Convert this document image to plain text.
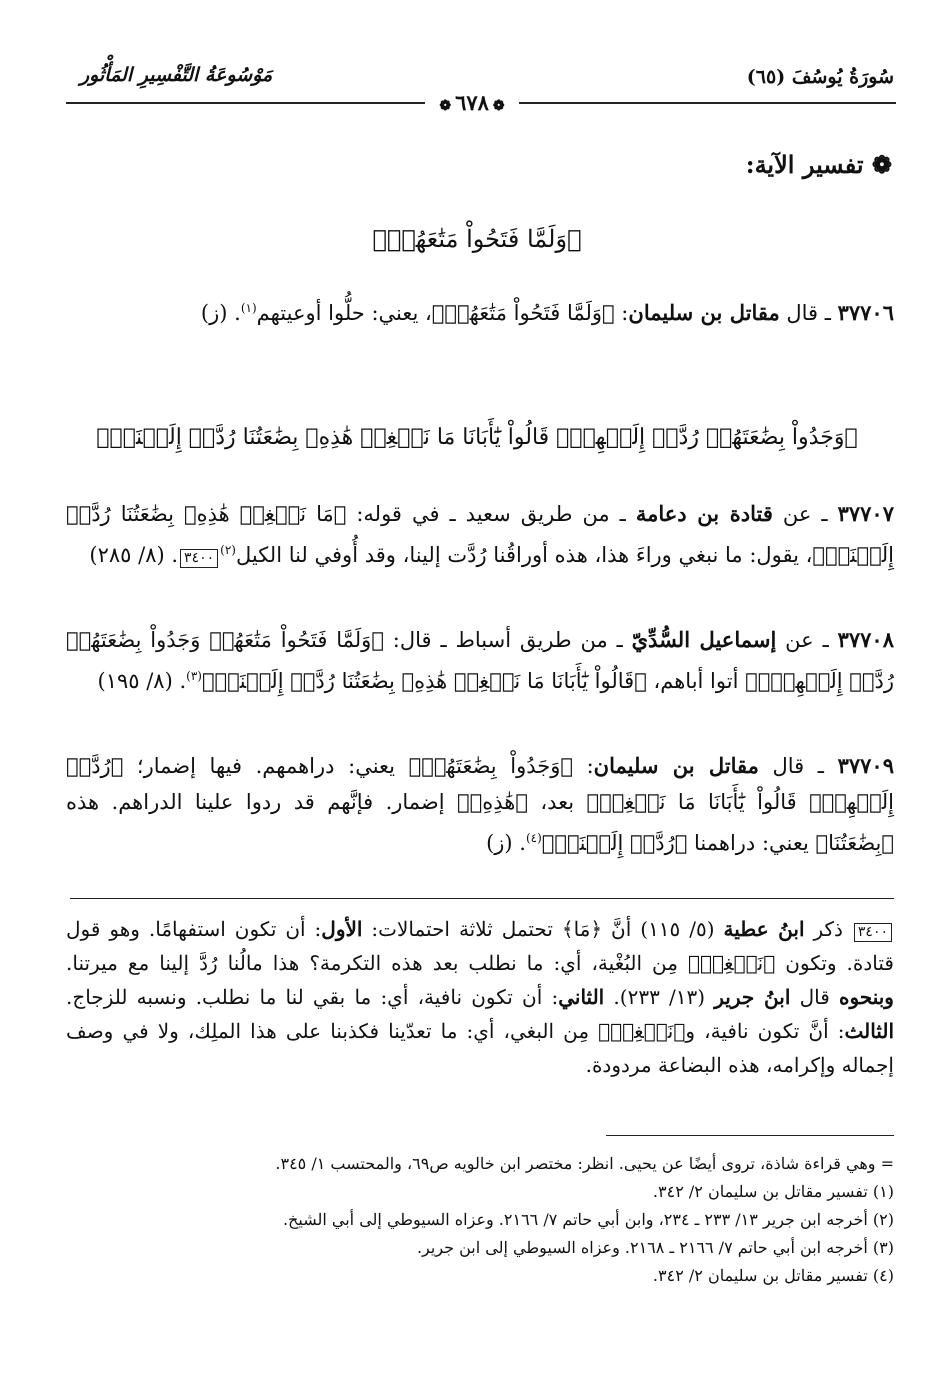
سُورَةُ يُوسُفَ (٦٥)
مَوْسُوعَةُ التَّفْسِيرِ المَأْثُور
❁٦٧٨❁
❁ تفسير الآية:
﴿وَلَمَّا فَتَحُواْ مَتَٰعَهُمۡ﴾
٣٧٧٠٦ ـ قال مقاتل بن سليمان: ﴿وَلَمَّا فَتَحُواْ مَتَٰعَهُمۡ﴾، يعني: حلُّوا أوعيتهم$^{(١)}$. (ز)
﴿وَجَدُواْ بِضَٰعَتَهُمۡ رُدَّتۡ إِلَيۡهِمۡۖ قَالُواْ يَٰٓأَبَانَا مَا نَبۡغِيۖ هَٰذِهِۦ بِضَٰعَتُنَا رُدَّتۡ إِلَيۡنَاۖ﴾
٣٧٧٠٧ ـ عن قتادة بن دعامة ـ من طريق سعيد ـ في قوله: ﴿مَا نَبۡغِيۖ هَٰذِهِۦ بِضَٰعَتُنَا رُدَّتۡ إِلَيۡنَاۖ﴾، يقول: ما نبغي وراءَ هذا، هذه أوراقُنا رُدَّت إلينا، وقد أُوفي لنا الكيل$^{(٢)}$٣٤٠٠. (٨/ ٢٨٥)
٣٧٧٠٨ ـ عن إسماعيل السُّدِّيّ ـ من طريق أسباط ـ قال: ﴿وَلَمَّا فَتَحُواْ مَتَٰعَهُمۡ وَجَدُواْ بِضَٰعَتَهُمۡ رُدَّتۡ إِلَيۡهِمۡۖ﴾ أتوا أباهم، ﴿قَالُواْ يَٰٓأَبَانَا مَا نَبۡغِيۖ هَٰذِهِۦ بِضَٰعَتُنَا رُدَّتۡ إِلَيۡنَاۖ﴾$^{(٣)}$. (٨/ ١٩٥)
٣٧٧٠٩ ـ قال مقاتل بن سليمان: ﴿وَجَدُواْ بِضَٰعَتَهُمۡ﴾ يعني: دراهمهم. فيها إضمار؛ ﴿رُدَّتۡ إِلَيۡهِمۡۖ قَالُواْ يَٰٓأَبَانَا مَا نَبۡغِيۖ﴾ بعد، ﴿هَٰذِهِۦ﴾ إضمار. فإنَّهم قد ردوا علينا الدراهم. هذه ﴿بِضَٰعَتُنَا﴾ يعني: دراهمنا ﴿رُدَّتۡ إِلَيۡنَاۖ﴾$^{(٤)}$. (ز)
٣٤٠٠ ذكر ابنُ عطية (٥/ ١١٥) أنَّ ﴿مَا﴾ تحتمل ثلاثة احتمالات: الأول: أن تكون استفهامًا. وهو قول قتادة. وتكون ﴿نَبۡغِيۖ﴾ مِن البُغْية، أي: ما نطلب بعد هذه التكرمة؟ هذا مالُنا رُدَّ إلينا مع ميرتنا. وبنحوه قال ابنُ جرير (١٣/ ٢٣٣). الثاني: أن تكون نافية، أي: ما بقي لنا ما نطلب. ونسبه للزجاج. الثالث: أنَّ تكون نافية، و﴿نَبۡغِيۖ﴾ مِن البغي، أي: ما تعدّينا فكذبنا على هذا الملِك، ولا في وصف إجماله وإكرامه، هذه البضاعة مردودة.
= وهي قراءة شاذة، تروى أيضًا عن يحيى. انظر: مختصر ابن خالويه ص٦٩، والمحتسب ١/ ٣٤٥.
(١) تفسير مقاتل بن سليمان ٢/ ٣٤٢.
(٢) أخرجه ابن جرير ١٣/ ٢٣٣ ـ ٢٣٤، وابن أبي حاتم ٧/ ٢١٦٦. وعزاه السيوطي إلى أبي الشيخ.
(٣) أخرجه ابن أبي حاتم ٧/ ٢١٦٦ ـ ٢١٦٨. وعزاه السيوطي إلى ابن جرير.
(٤) تفسير مقاتل بن سليمان ٢/ ٣٤٢.
